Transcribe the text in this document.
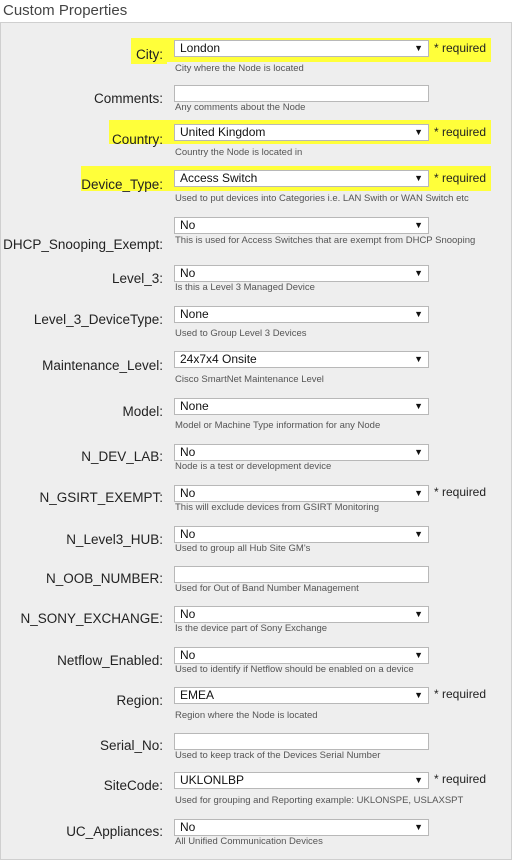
Custom Properties
City:	London	▼ * required
City where the Node is located
Comments:
Any comments about the Node
Country:	United Kingdom	▼ * required
Country the Node is located in
Device_Type:	Access Switch	▼ * required
Used to put devices into Categories i.e. LAN Swith or WAN Switch etc
DHCP_Snooping_Exempt:
No	▼
This is used for Access Switches that are exempt from DHCP Snooping
Level_3:	No	▼
Is this a Level 3 Managed Device
Level_3_DeviceType:	None	▼
Used to Group Level 3 Devices
Maintenance_Level:	24x7x4 Onsite	▼
Cisco SmartNet Maintenance Level
Model:	None	▼
Model or Machine Type information for any Node
N_DEV_LAB:	No	▼
Node is a test or development device
N_GSIRT_EXEMPT:	No	▼ * required
This will exclude devices from GSIRT Monitoring
N_Level3_HUB:	No	▼
Used to group all Hub Site GM's
N_OOB_NUMBER:
Used for Out of Band Number Management
N_SONY_EXCHANGE:	No	▼
Is the device part of Sony Exchange
Netflow_Enabled:	No	▼
Used to identify if Netflow should be enabled on a device
Region:	EMEA	▼ * required
Region where the Node is located
Serial_No:
Used to keep track of the Devices Serial Number
SiteCode:	UKLONLBP	▼ * required
Used for grouping and Reporting example: UKLONSPE, USLAXSPT
UC_Appliances:	No	▼
All Unified Communication Devices
